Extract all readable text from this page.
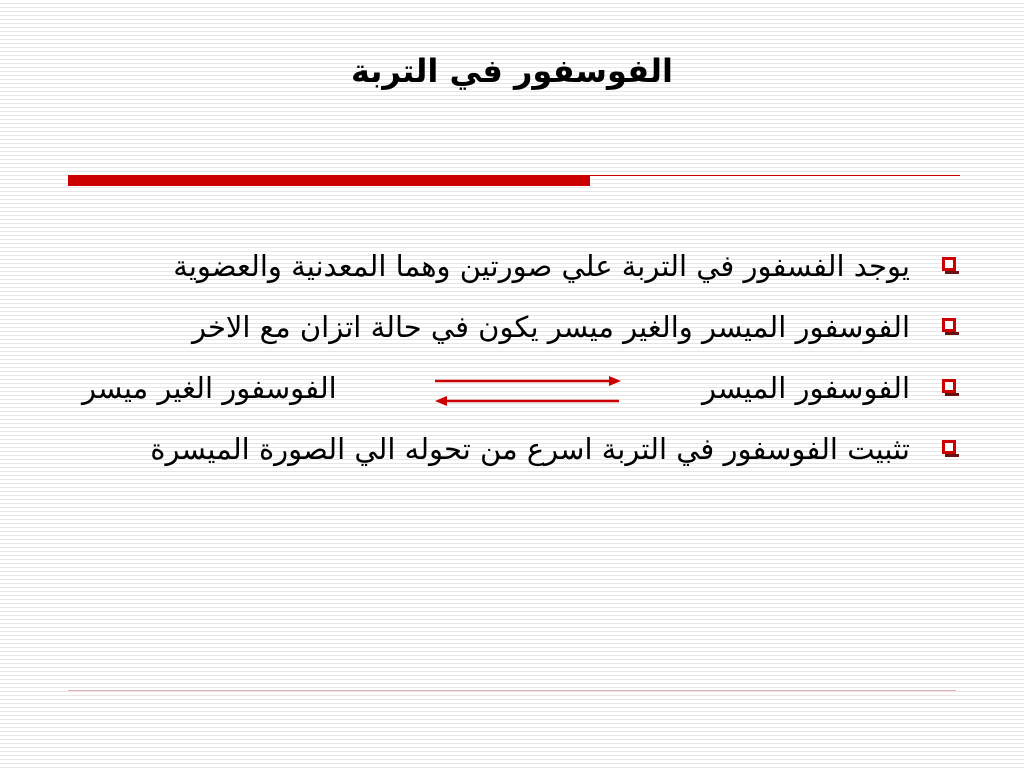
الفوسفور في التربة
يوجد الفسفور في التربة علي صورتين وهما المعدنية والعضوية
الفوسفور الميسر والغير ميسر يكون في حالة اتزان مع الاخر
الفوسفور الميسر
الفوسفور الغير ميسر
تثبيت الفوسفور في التربة اسرع من تحوله الي الصورة الميسرة
